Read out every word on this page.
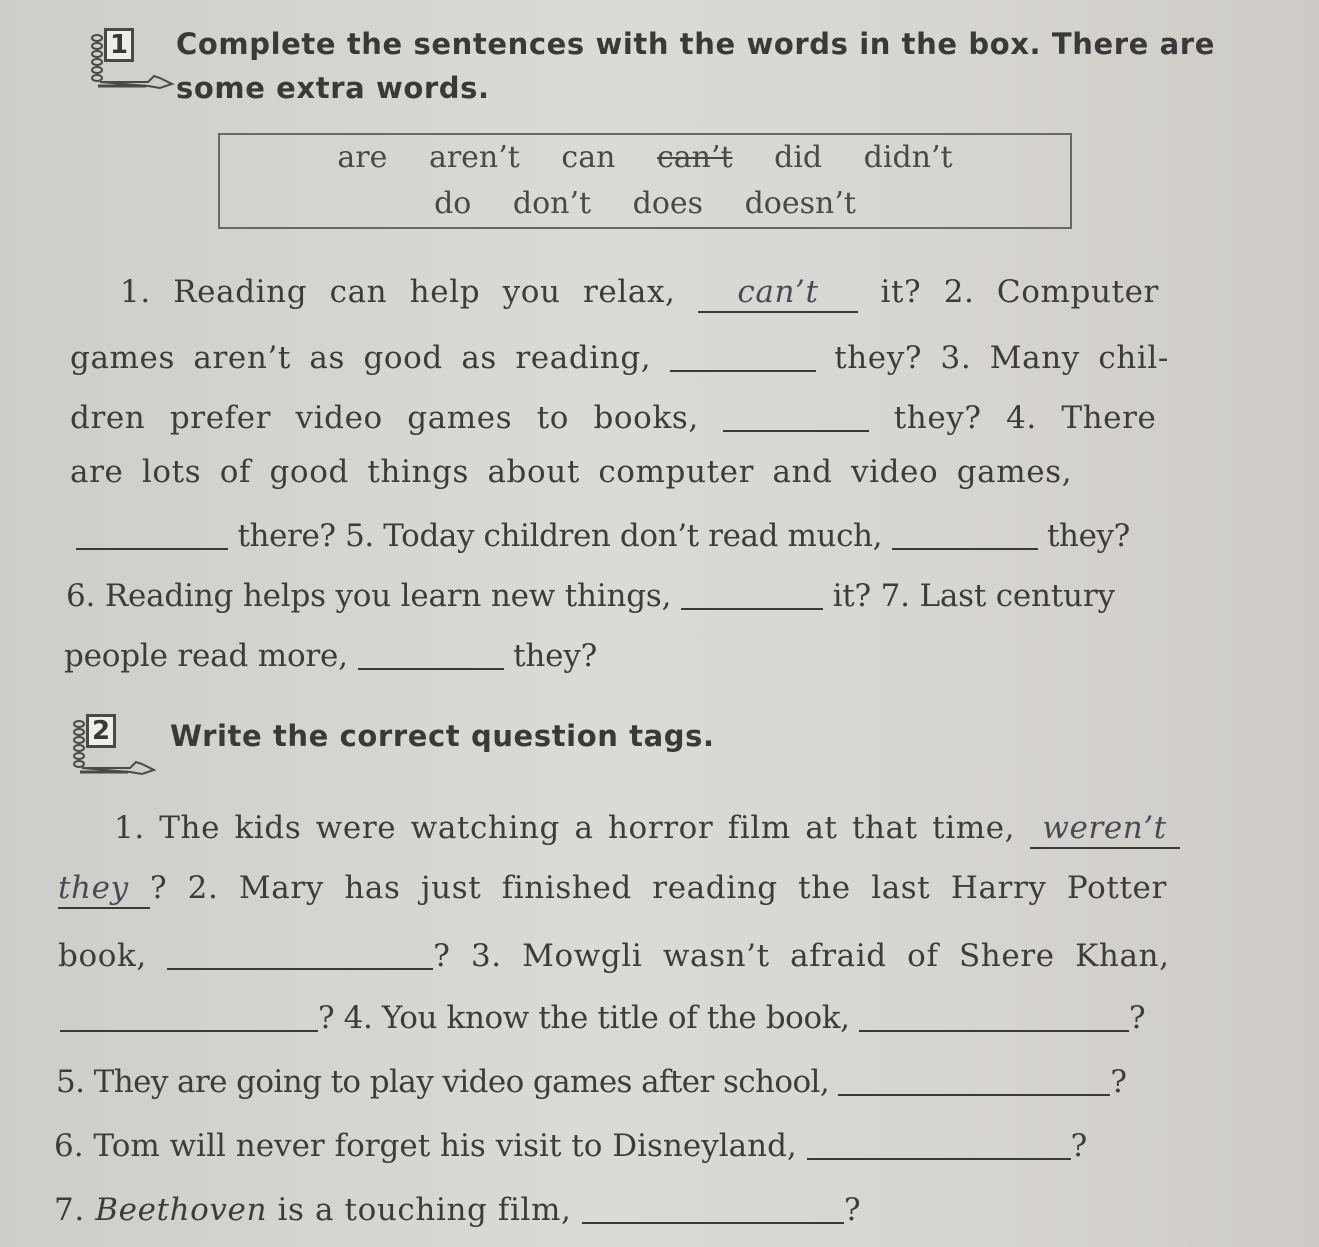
1 Complete the sentences with the words in the box. There are
some extra words.
are aren’t can can’t did didn’t
do don’t does doesn’t
1. Reading can help you relax, can’t it? 2. Computer
games aren’t as good as reading,	they? 3. Many chil-
dren prefer video games to books,	they? 4. There
are lots of good things about computer and video games,
there? 5. Today children don’t read much,	they?
6. Reading helps you learn new things,	it? 7. Last century
people read more,	they?
2 Write the correct question tags.
1. The kids were watching a horror film at that time, weren’t
they ? 2. Mary has just finished reading the last Harry Potter
book,	? 3. Mowgli wasn’t afraid of Shere Khan,
? 4. You know the title of the book,	?
5. They are going to play video games after school,	?
6. Tom will never forget his visit to Disneyland,	?
7. Beethoven is a touching film,	?
